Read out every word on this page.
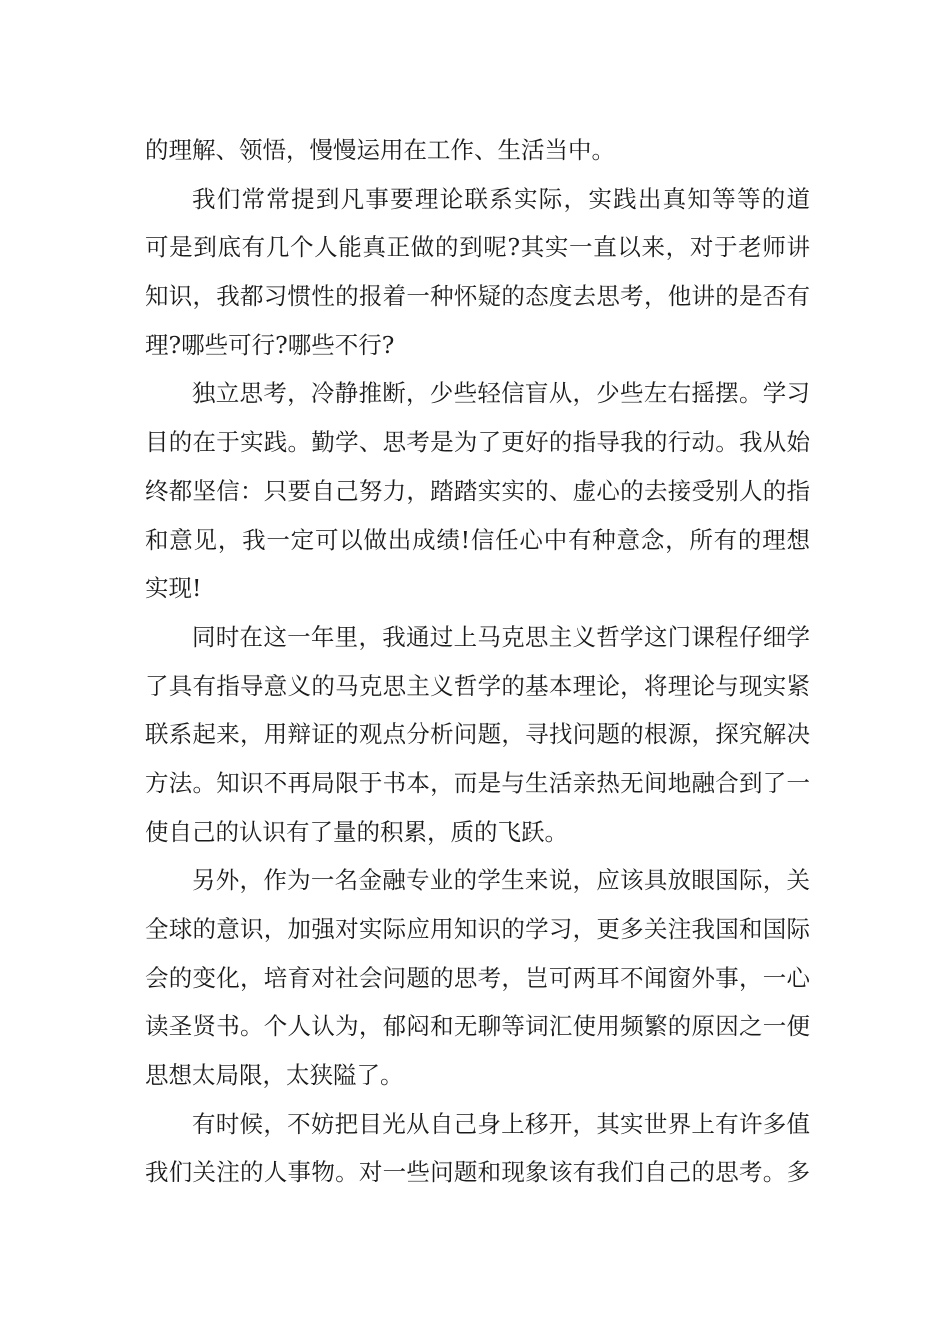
的理解、领悟，慢慢运用在工作、生活当中。
我们常常提到凡事要理论联系实际，实践出真知等等的道
可是到底有几个人能真正做的到呢?其实一直以来，对于老师讲
知识，我都习惯性的报着一种怀疑的态度去思考，他讲的是否有
理?哪些可行?哪些不行?
独立思考，冷静推断，少些轻信盲从，少些左右摇摆。学习
目的在于实践。勤学、思考是为了更好的指导我的行动。我从始
终都坚信：只要自己努力，踏踏实实的、虚心的去接受别人的指
和意见，我一定可以做出成绩!信任心中有种意念，所有的理想
实现!
同时在这一年里，我通过上马克思主义哲学这门课程仔细学
了具有指导意义的马克思主义哲学的基本理论，将理论与现实紧
联系起来，用辩证的观点分析问题，寻找问题的根源，探究解决
方法。知识不再局限于书本，而是与生活亲热无间地融合到了一
使自己的认识有了量的积累，质的飞跃。
另外，作为一名金融专业的学生来说，应该具放眼国际，关
全球的意识，加强对实际应用知识的学习，更多关注我国和国际
会的变化，培育对社会问题的思考，岂可两耳不闻窗外事，一心
读圣贤书。个人认为，郁闷和无聊等词汇使用频繁的原因之一便
思想太局限，太狭隘了。
有时候，不妨把目光从自己身上移开，其实世界上有许多值
我们关注的人事物。对一些问题和现象该有我们自己的思考。多
